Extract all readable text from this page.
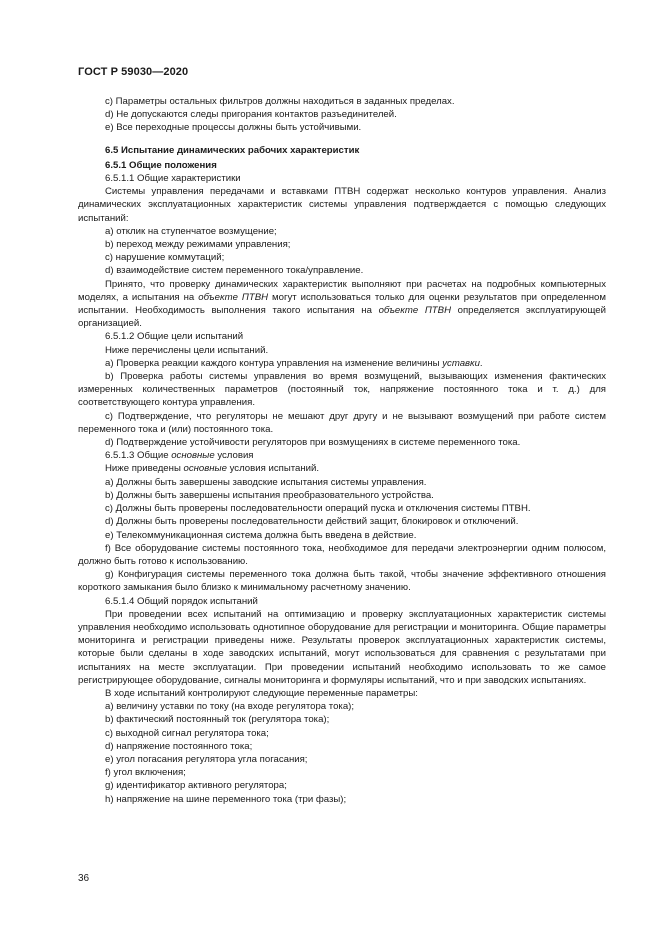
ГОСТ Р 59030—2020

c) Параметры остальных фильтров должны находиться в заданных пределах.

d) Не допускаются следы пригорания контактов разъединителей.

e) Все переходные процессы должны быть устойчивыми.

6.5 Испытание динамических рабочих характеристик

6.5.1 Общие положения

6.5.1.1 Общие характеристики

Системы управления передачами и вставками ПТВН содержат несколько контуров управления. Анализ динамических эксплуатационных характеристик системы управления подтверждается с помощью следующих испытаний:

a) отклик на ступенчатое возмущение;

b) переход между режимами управления;

c) нарушение коммутаций;

d) взаимодействие систем переменного тока/управление.

Принято, что проверку динамических характеристик выполняют при расчетах на подробных компьютерных моделях, а испытания на объекте ПТВН могут использоваться только для оценки результатов при определенном испытании. Необходимость выполнения такого испытания на объекте ПТВН определяется эксплуатирующей организацией.

6.5.1.2 Общие цели испытаний

Ниже перечислены цели испытаний.

a) Проверка реакции каждого контура управления на изменение величины уставки.

b) Проверка работы системы управления во время возмущений, вызывающих изменения фактических измеренных количественных параметров (постоянный ток, напряжение постоянного тока и т. д.) для соответствующего контура управления.

c) Подтверждение, что регуляторы не мешают друг другу и не вызывают возмущений при работе систем переменного тока и (или) постоянного тока.

d) Подтверждение устойчивости регуляторов при возмущениях в системе переменного тока.

6.5.1.3 Общие основные условия

Ниже приведены основные условия испытаний.

a) Должны быть завершены заводские испытания системы управления.

b) Должны быть завершены испытания преобразовательного устройства.

c) Должны быть проверены последовательности операций пуска и отключения системы ПТВН.

d) Должны быть проверены последовательности действий защит, блокировок и отключений.

e) Телекоммуникационная система должна быть введена в действие.

f) Все оборудование системы постоянного тока, необходимое для передачи электроэнергии одним полюсом, должно быть готово к использованию.

g) Конфигурация системы переменного тока должна быть такой, чтобы значение эффективного отношения короткого замыкания было близко к минимальному расчетному значению.

6.5.1.4 Общий порядок испытаний

При проведении всех испытаний на оптимизацию и проверку эксплуатационных характеристик системы управления необходимо использовать однотипное оборудование для регистрации и мониторинга. Общие параметры мониторинга и регистрации приведены ниже. Результаты проверок эксплуатационных характеристик системы, которые были сделаны в ходе заводских испытаний, могут использоваться для сравнения с результатами при испытаниях на месте эксплуатации. При проведении испытаний необходимо использовать то же самое регистрирующее оборудование, сигналы мониторинга и формуляры испытаний, что и при заводских испытаниях.

В ходе испытаний контролируют следующие переменные параметры:

a) величину уставки по току (на входе регулятора тока);

b) фактический постоянный ток (регулятора тока);

c) выходной сигнал регулятора тока;

d) напряжение постоянного тока;

e) угол погасания регулятора угла погасания;

f) угол включения;

g) идентификатор активного регулятора;

h) напряжение на шине переменного тока (три фазы);

36
